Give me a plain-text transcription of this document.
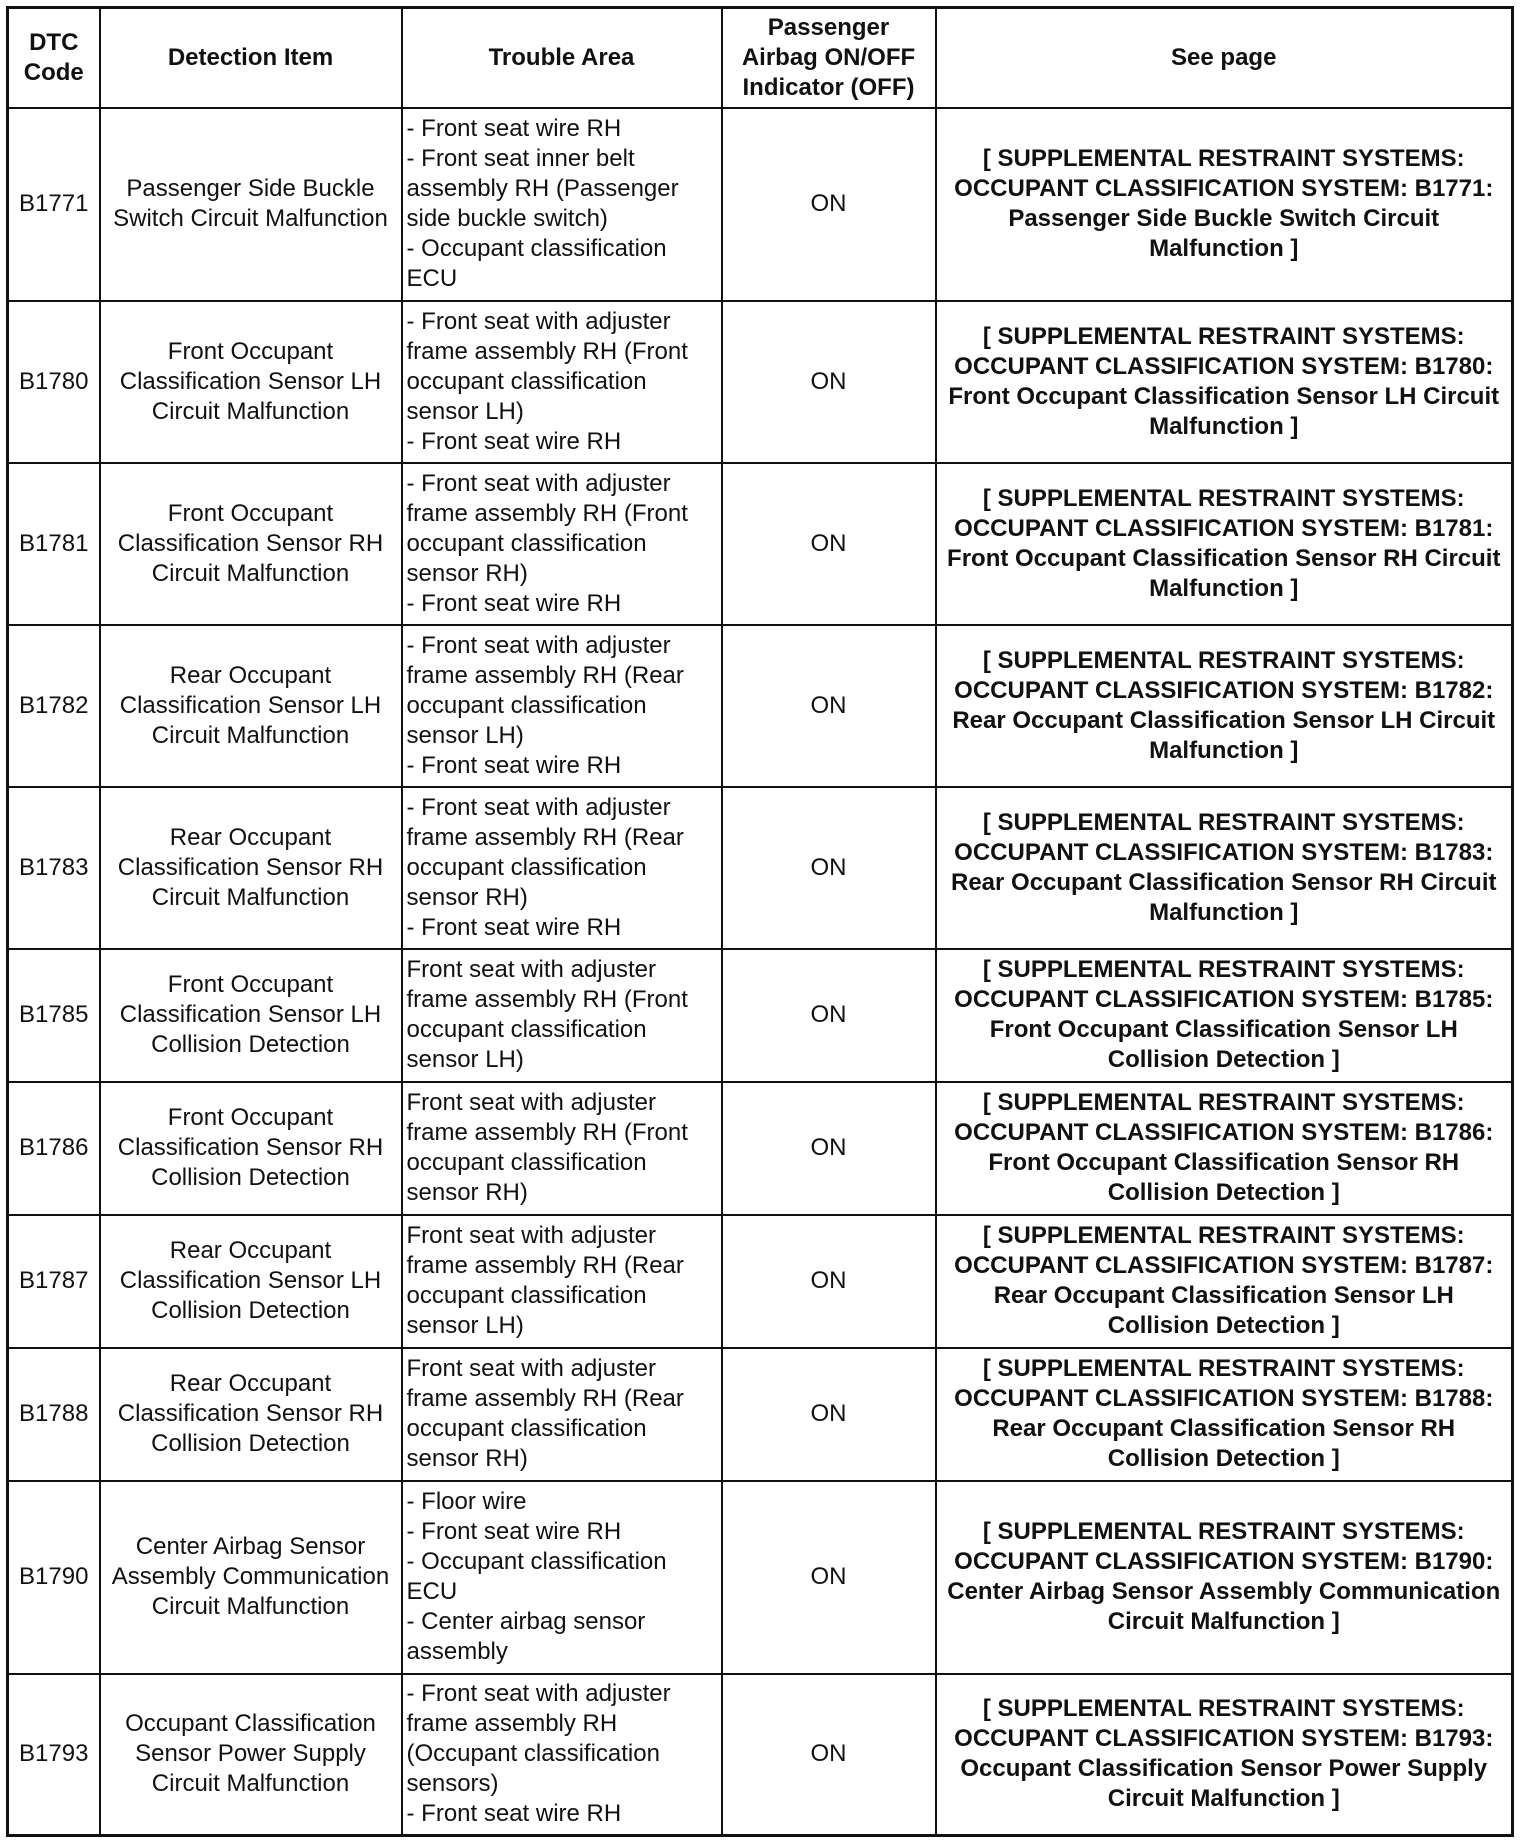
DTC Code	Detection Item	Trouble Area	Passenger Airbag ON/OFF Indicator (OFF)	See page
B1771	Passenger Side Buckle Switch Circuit Malfunction	- Front seat wire RH
- Front seat inner belt assembly RH (Passenger side buckle switch)
- Occupant classification ECU	ON	[ SUPPLEMENTAL RESTRAINT SYSTEMS: OCCUPANT CLASSIFICATION SYSTEM: B1771: Passenger Side Buckle Switch Circuit Malfunction ]
B1780	Front Occupant Classification Sensor LH Circuit Malfunction	- Front seat with adjuster frame assembly RH (Front occupant classification sensor LH)
- Front seat wire RH	ON	[ SUPPLEMENTAL RESTRAINT SYSTEMS: OCCUPANT CLASSIFICATION SYSTEM: B1780: Front Occupant Classification Sensor LH Circuit Malfunction ]
B1781	Front Occupant Classification Sensor RH Circuit Malfunction	- Front seat with adjuster frame assembly RH (Front occupant classification sensor RH)
- Front seat wire RH	ON	[ SUPPLEMENTAL RESTRAINT SYSTEMS: OCCUPANT CLASSIFICATION SYSTEM: B1781: Front Occupant Classification Sensor RH Circuit Malfunction ]
B1782	Rear Occupant Classification Sensor LH Circuit Malfunction	- Front seat with adjuster frame assembly RH (Rear occupant classification sensor LH)
- Front seat wire RH	ON	[ SUPPLEMENTAL RESTRAINT SYSTEMS: OCCUPANT CLASSIFICATION SYSTEM: B1782: Rear Occupant Classification Sensor LH Circuit Malfunction ]
B1783	Rear Occupant Classification Sensor RH Circuit Malfunction	- Front seat with adjuster frame assembly RH (Rear occupant classification sensor RH)
- Front seat wire RH	ON	[ SUPPLEMENTAL RESTRAINT SYSTEMS: OCCUPANT CLASSIFICATION SYSTEM: B1783: Rear Occupant Classification Sensor RH Circuit Malfunction ]
B1785	Front Occupant Classification Sensor LH Collision Detection	Front seat with adjuster frame assembly RH (Front occupant classification sensor LH)	ON	[ SUPPLEMENTAL RESTRAINT SYSTEMS: OCCUPANT CLASSIFICATION SYSTEM: B1785: Front Occupant Classification Sensor LH Collision Detection ]
B1786	Front Occupant Classification Sensor RH Collision Detection	Front seat with adjuster frame assembly RH (Front occupant classification sensor RH)	ON	[ SUPPLEMENTAL RESTRAINT SYSTEMS: OCCUPANT CLASSIFICATION SYSTEM: B1786: Front Occupant Classification Sensor RH Collision Detection ]
B1787	Rear Occupant Classification Sensor LH Collision Detection	Front seat with adjuster frame assembly RH (Rear occupant classification sensor LH)	ON	[ SUPPLEMENTAL RESTRAINT SYSTEMS: OCCUPANT CLASSIFICATION SYSTEM: B1787: Rear Occupant Classification Sensor LH Collision Detection ]
B1788	Rear Occupant Classification Sensor RH Collision Detection	Front seat with adjuster frame assembly RH (Rear occupant classification sensor RH)	ON	[ SUPPLEMENTAL RESTRAINT SYSTEMS: OCCUPANT CLASSIFICATION SYSTEM: B1788: Rear Occupant Classification Sensor RH Collision Detection ]
B1790	Center Airbag Sensor Assembly Communication Circuit Malfunction	- Floor wire
- Front seat wire RH
- Occupant classification ECU
- Center airbag sensor assembly	ON	[ SUPPLEMENTAL RESTRAINT SYSTEMS: OCCUPANT CLASSIFICATION SYSTEM: B1790: Center Airbag Sensor Assembly Communication Circuit Malfunction ]
B1793	Occupant Classification Sensor Power Supply Circuit Malfunction	- Front seat with adjuster frame assembly RH (Occupant classification sensors)
- Front seat wire RH	ON	[ SUPPLEMENTAL RESTRAINT SYSTEMS: OCCUPANT CLASSIFICATION SYSTEM: B1793: Occupant Classification Sensor Power Supply Circuit Malfunction ]
